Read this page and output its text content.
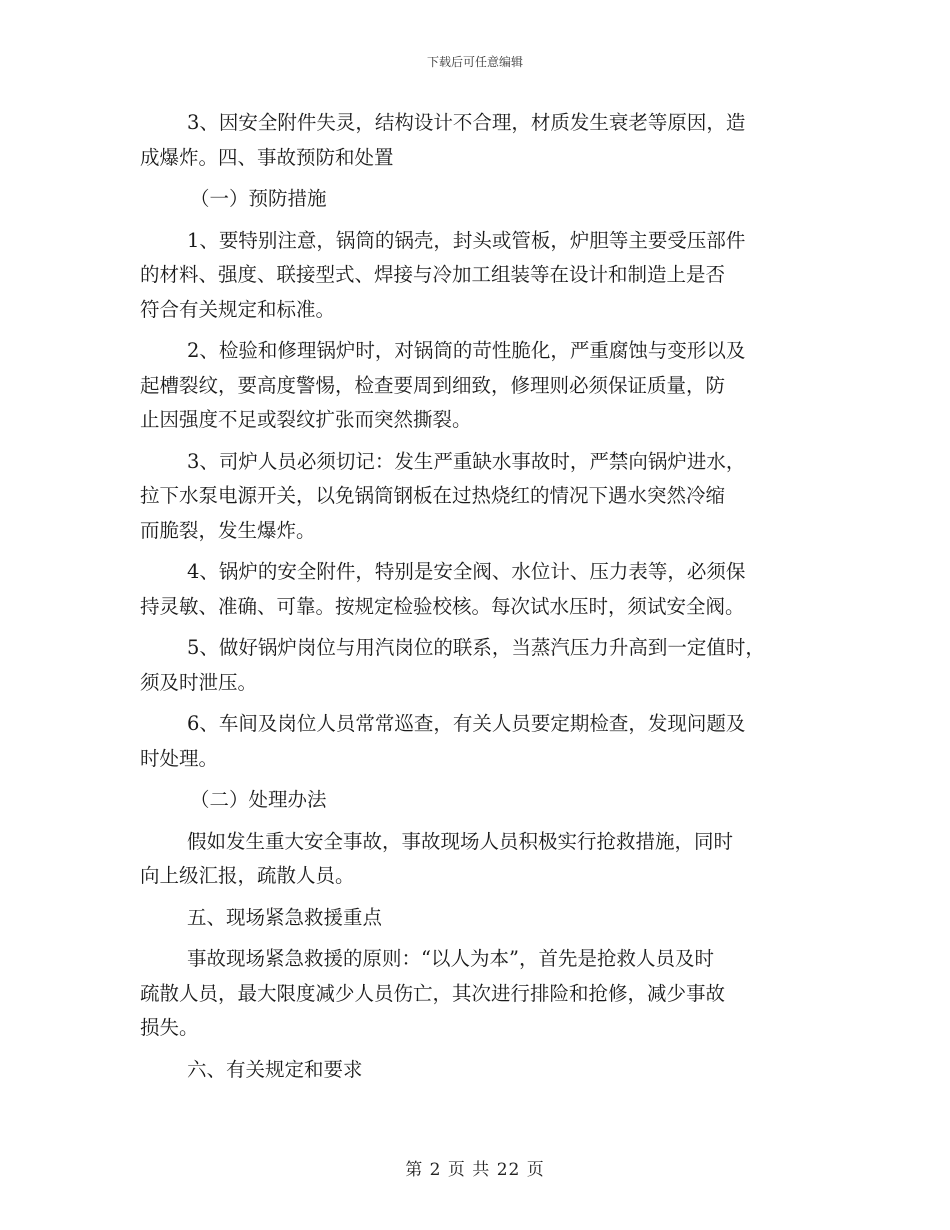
下载后可任意编辑
3、因安全附件失灵，结构设计不合理，材质发生衰老等原因，造
成爆炸。四、事故预防和处置
（一）预防措施
1、要特别注意，锅筒的锅壳，封头或管板，炉胆等主要受压部件
的材料、强度、联接型式、焊接与冷加工组装等在设计和制造上是否
符合有关规定和标准。
2、检验和修理锅炉时，对锅筒的苛性脆化，严重腐蚀与变形以及
起槽裂纹，要高度警惕，检查要周到细致，修理则必须保证质量，防
止因强度不足或裂纹扩张而突然撕裂。
3、司炉人员必须切记：发生严重缺水事故时，严禁向锅炉进水，
拉下水泵电源开关，以免锅筒钢板在过热烧红的情况下遇水突然冷缩
而脆裂，发生爆炸。
4、锅炉的安全附件，特别是安全阀、水位计、压力表等，必须保
持灵敏、准确、可靠。按规定检验校核。每次试水压时，须试安全阀。
5、做好锅炉岗位与用汽岗位的联系，当蒸汽压力升高到一定值时，
须及时泄压。
6、车间及岗位人员常常巡查，有关人员要定期检查，发现问题及
时处理。
（二）处理办法
假如发生重大安全事故，事故现场人员积极实行抢救措施，同时
向上级汇报，疏散人员。
五、现场紧急救援重点
事故现场紧急救援的原则：“以人为本”，首先是抢救人员及时
疏散人员，最大限度减少人员伤亡，其次进行排险和抢修，减少事故
损失。
六、有关规定和要求
第 2 页 共 22 页
